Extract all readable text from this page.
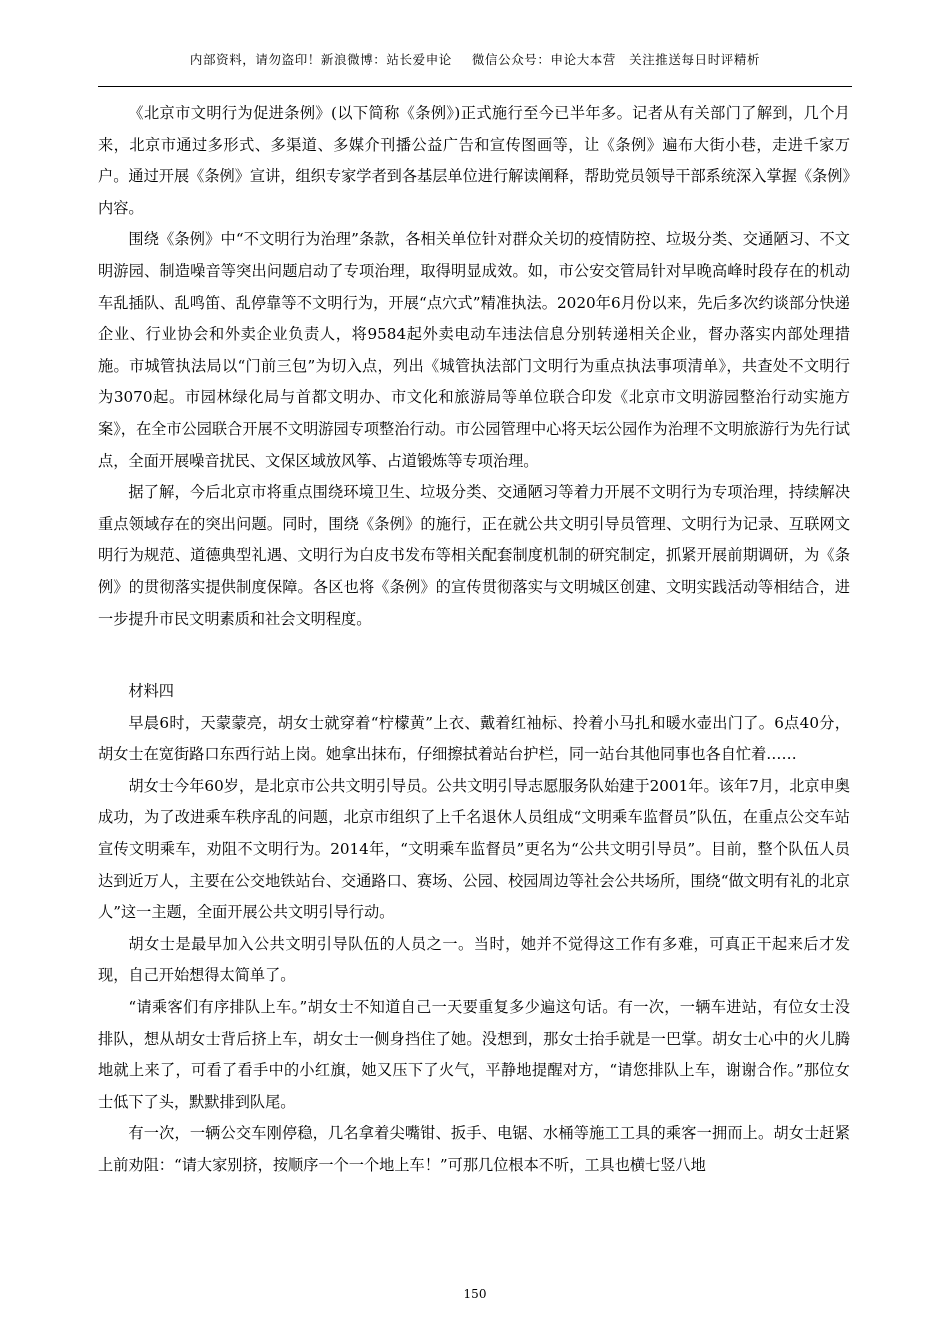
内部资料，请勿盗印！新浪微博：站长爱申论 微信公众号：申论大本营　关注推送每日时评精析

《北京市文明行为促进条例》(以下简称《条例》)正式施行至今已半年多。记者从有关部门了解到，几个月来，北京市通过多形式、多渠道、多媒介刊播公益广告和宣传图画等，让《条例》遍布大街小巷，走进千家万户。通过开展《条例》宣讲，组织专家学者到各基层单位进行解读阐释，帮助党员领导干部系统深入掌握《条例》内容。

围绕《条例》中“不文明行为治理”条款，各相关单位针对群众关切的疫情防控、垃圾分类、交通陋习、不文明游园、制造噪音等突出问题启动了专项治理，取得明显成效。如，市公安交管局针对早晚高峰时段存在的机动车乱插队、乱鸣笛、乱停靠等不文明行为，开展“点穴式”精准执法。2020年6月份以来，先后多次约谈部分快递企业、行业协会和外卖企业负责人，将9584起外卖电动车违法信息分别转递相关企业，督办落实内部处理措施。市城管执法局以“门前三包”为切入点，列出《城管执法部门文明行为重点执法事项清单》，共查处不文明行为3070起。市园林绿化局与首都文明办、市文化和旅游局等单位联合印发《北京市文明游园整治行动实施方案》，在全市公园联合开展不文明游园专项整治行动。市公园管理中心将天坛公园作为治理不文明旅游行为先行试点，全面开展噪音扰民、文保区域放风筝、占道锻炼等专项治理。

据了解，今后北京市将重点围绕环境卫生、垃圾分类、交通陋习等着力开展不文明行为专项治理，持续解决重点领域存在的突出问题。同时，围绕《条例》的施行，正在就公共文明引导员管理、文明行为记录、互联网文明行为规范、道德典型礼遇、文明行为白皮书发布等相关配套制度机制的研究制定，抓紧开展前期调研，为《条例》的贯彻落实提供制度保障。各区也将《条例》的宣传贯彻落实与文明城区创建、文明实践活动等相结合，进一步提升市民文明素质和社会文明程度。

材料四

早晨6时，天蒙蒙亮，胡女士就穿着“柠檬黄”上衣、戴着红袖标、拎着小马扎和暖水壶出门了。6点40分，胡女士在宽街路口东西行站上岗。她拿出抹布，仔细擦拭着站台护栏，同一站台其他同事也各自忙着……

胡女士今年60岁，是北京市公共文明引导员。公共文明引导志愿服务队始建于2001年。该年7月，北京申奥成功，为了改进乘车秩序乱的问题，北京市组织了上千名退休人员组成“文明乘车监督员”队伍，在重点公交车站宣传文明乘车，劝阻不文明行为。2014年，“文明乘车监督员”更名为“公共文明引导员”。目前，整个队伍人员达到近万人，主要在公交地铁站台、交通路口、赛场、公园、校园周边等社会公共场所，围绕“做文明有礼的北京人”这一主题，全面开展公共文明引导行动。

胡女士是最早加入公共文明引导队伍的人员之一。当时，她并不觉得这工作有多难，可真正干起来后才发现，自己开始想得太简单了。

“请乘客们有序排队上车。”胡女士不知道自己一天要重复多少遍这句话。有一次，一辆车进站，有位女士没排队，想从胡女士背后挤上车，胡女士一侧身挡住了她。没想到，那女士抬手就是一巴掌。胡女士心中的火儿腾地就上来了，可看了看手中的小红旗，她又压下了火气，平静地提醒对方，“请您排队上车，谢谢合作。”那位女士低下了头，默默排到队尾。

有一次，一辆公交车刚停稳，几名拿着尖嘴钳、扳手、电锯、水桶等施工工具的乘客一拥而上。胡女士赶紧上前劝阻：“请大家别挤，按顺序一个一个地上车！”可那几位根本不听，工具也横七竖八地

150
